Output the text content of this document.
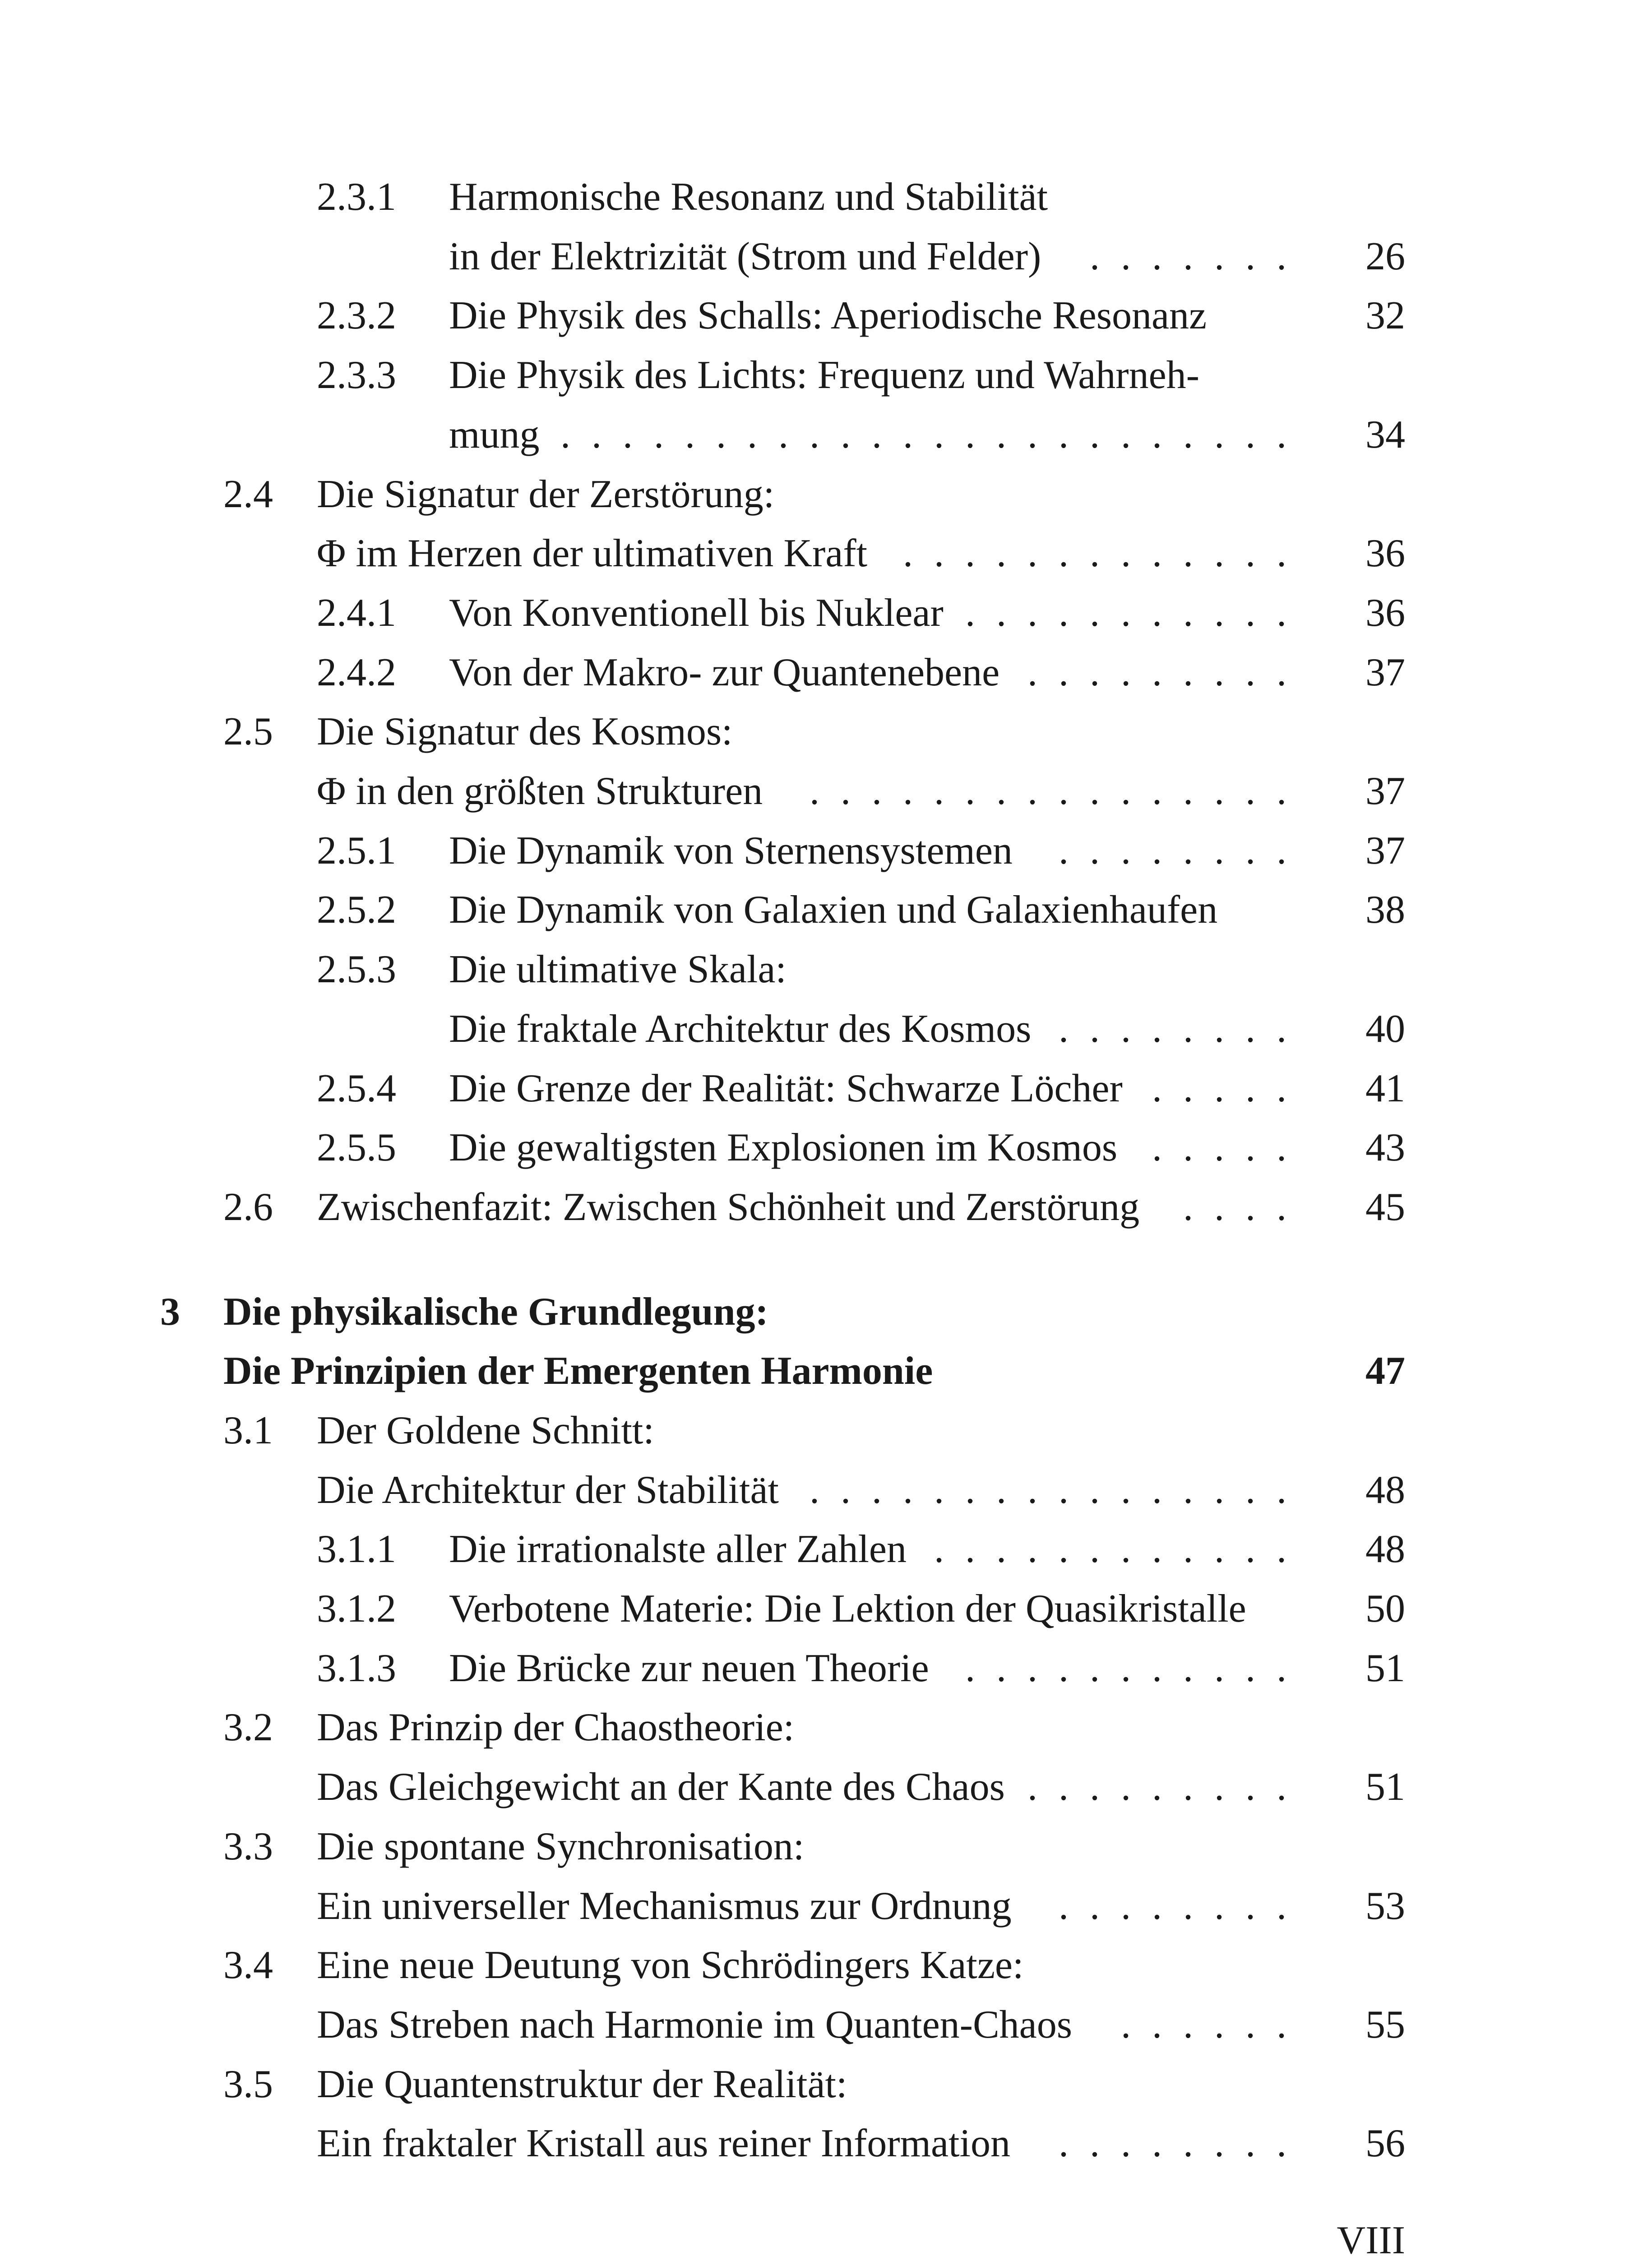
2.3.1 Harmonische Resonanz und Stabilität
in der Elektrizität (Strom und Felder)	26
.......
2.3.2 Die Physik des Schalls: Aperiodische Resonanz	32
2.3.3 Die Physik des Lichts: Frequenz und Wahrneh-
mung	34
........................
2.4 Die Signatur der Zerstörung:
Φ im Herzen der ultimativen Kraft	36
.............
2.4.1 Von Konventionell bis Nuklear	36
...........
2.4.2 Von der Makro- zur Quantenebene	37
.........
2.5 Die Signatur des Kosmos:
Φ in den größten Strukturen	37
................
2.5.1 Die Dynamik von Sternensystemen	37
........
2.5.2 Die Dynamik von Galaxien und Galaxienhaufen	38
2.5.3 Die ultimative Skala:
Die fraktale Architektur des Kosmos	40
........
2.5.4 Die Grenze der Realität: Schwarze Löcher	41
.....
2.5.5 Die gewaltigsten Explosionen im Kosmos	43
.....
2.6 Zwischenfazit: Zwischen Schönheit und Zerstörung	45
....
3 Die physikalische Grundlegung:
Die Prinzipien der Emergenten Harmonie	47
3.1 Der Goldene Schnitt:
Die Architektur der Stabilität	48
................
3.1.1 Die irrationalste aller Zahlen	48
............
3.1.2 Verbotene Materie: Die Lektion der Quasikristalle	50
3.1.3 Die Brücke zur neuen Theorie	51
...........
3.2 Das Prinzip der Chaostheorie:
Das Gleichgewicht an der Kante des Chaos	51
.........
3.3 Die spontane Synchronisation:
Ein universeller Mechanismus zur Ordnung	53
........
3.4 Eine neue Deutung von Schrödingers Katze:
Das Streben nach Harmonie im Quanten-Chaos	55
......
3.5 Die Quantenstruktur der Realität:
Ein fraktaler Kristall aus reiner Information	56
........
VIII
